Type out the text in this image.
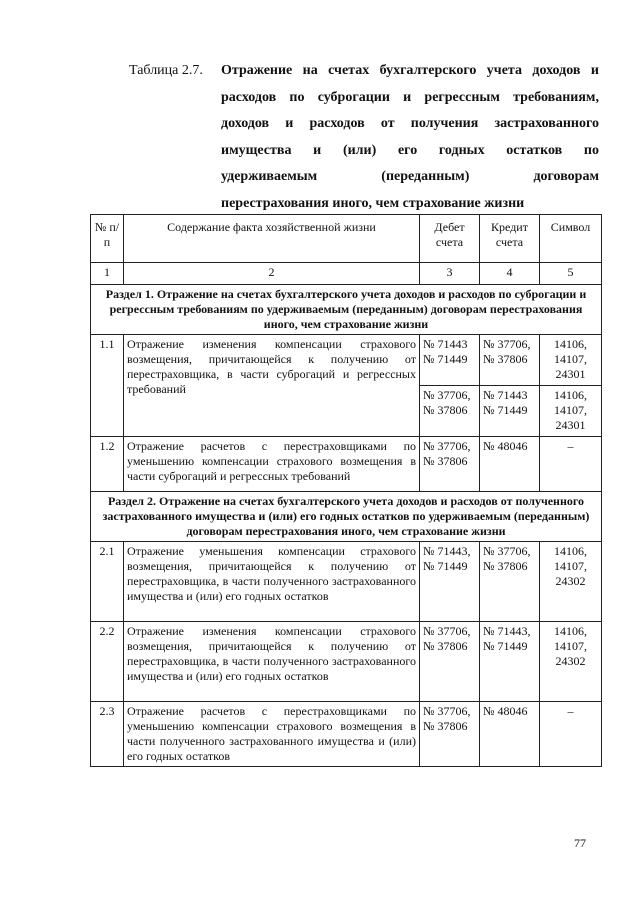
Таблица 2.7.	Отражение на счетах бухгалтерского учета доходов и
расходов по суброгации и регрессным требованиям,
доходов и расходов от получения застрахованного
имущества и (или) его годных остатков по
удерживаемым	(переданным)	договорам
перестрахования иного, чем страхование жизни
№ п/п	Содержание факта хозяйственной жизни	Дебет счета	Кредит счета	Символ
1	2	3	4	5
Раздел 1. Отражение на счетах бухгалтерского учета доходов и расходов по суброгации и регрессным требованиям по удерживаемым (переданным) договорам перестрахования иного, чем страхование жизни				
1.1	Отражение изменения компенсации страхового возмещения, причитающейся к получению от перестраховщика, в части суброгаций и регрессных требований	№ 71443 № 71449	№ 37706, № 37806	14106, 14107, 24301
		№ 37706, № 37806	№ 71443 № 71449	14106, 14107, 24301
1.2	Отражение расчетов с перестраховщиками по уменьшению компенсации страхового возмещения в части суброгаций и регрессных требований	№ 37706, № 37806	№ 48046	–
Раздел 2. Отражение на счетах бухгалтерского учета доходов и расходов от полученного застрахованного имущества и (или) его годных остатков по удерживаемым (переданным) договорам перестрахования иного, чем страхование жизни				
2.1	Отражение уменьшения компенсации страхового возмещения, причитающейся к получению от перестраховщика, в части полученного застрахованного имущества и (или) его годных остатков	№ 71443, № 71449	№ 37706, № 37806	14106, 14107, 24302
2.2	Отражение изменения компенсации страхового возмещения, причитающейся к получению от перестраховщика, в части полученного застрахованного имущества и (или) его годных остатков	№ 37706, № 37806	№ 71443, № 71449	14106, 14107, 24302
2.3	Отражение расчетов с перестраховщиками по уменьшению компенсации страхового возмещения в части полученного застрахованного имущества и (или) его годных остатков	№ 37706, № 37806	№ 48046	–
77
